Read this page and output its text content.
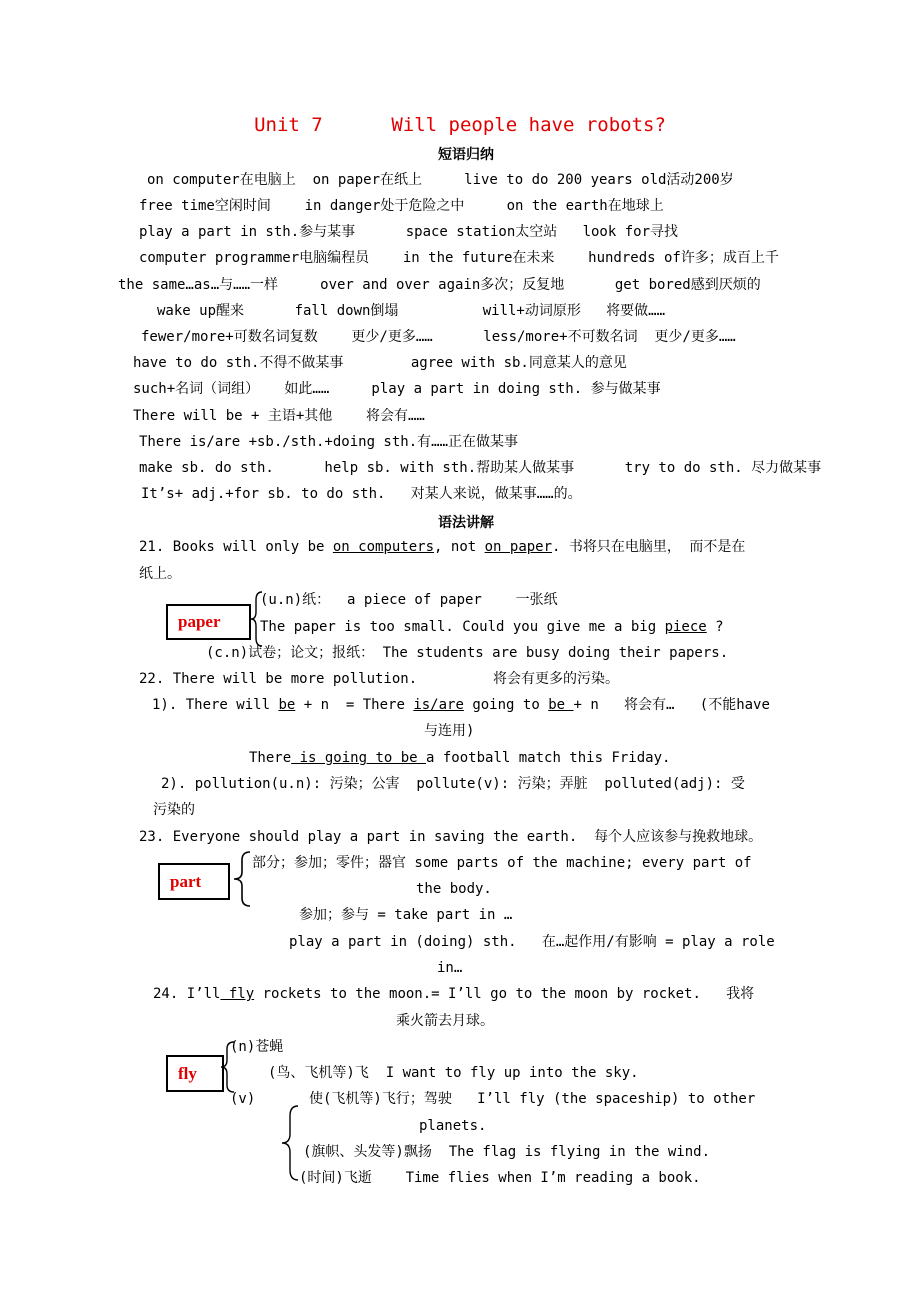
Unit 7      Will people have robots?
短语归纳
on computer在电脑上  on paper在纸上     live to do 200 years old活动200岁
free time空闲时间    in danger处于危险之中     on the earth在地球上
play a part in sth.参与某事      space station太空站   look for寻找
computer programmer电脑编程员    in the future在未来    hundreds of许多；成百上千
the same…as…与……一样     over and over again多次；反复地      get bored感到厌烦的
wake up醒来      fall down倒塌          will+动词原形   将要做……
fewer/more+可数名词复数    更少/更多……      less/more+不可数名词  更少/更多……
have to do sth.不得不做某事        agree with sb.同意某人的意见
such+名词（词组）   如此……     play a part in doing sth. 参与做某事
There will be + 主语+其他    将会有……
There is/are +sb./sth.+doing sth.有……正在做某事
make sb. do sth.      help sb. with sth.帮助某人做某事      try to do sth. 尽力做某事
It’s+ adj.+for sb. to do sth.   对某人来说，做某事……的。
语法讲解
21. Books will only be on computers, not on paper. 书将只在电脑里， 而不是在
纸上。
paper
(u.n)纸：  a piece of paper    一张纸
The paper is too small. Could you give me a big piece ?
(c.n)试卷；论文；报纸： The students are busy doing their papers.
22. There will be more pollution.         将会有更多的污染。
1). There will be + n  = There is/are going to be + n   将会有…   (不能have
与连用)
There is going to be a football match this Friday.
2). pollution(u.n): 污染；公害  pollute(v): 污染；弄脏  polluted(adj): 受
污染的
23. Everyone should play a part in saving the earth.  每个人应该参与挽救地球。
part
部分；参加；零件；器官 some parts of the machine; every part of
the body.
参加；参与 = take part in …
play a part in (doing) sth.   在…起作用/有影响 = play a role
in…
24. I’ll fly rockets to the moon.= I’ll go to the moon by rocket.   我将
乘火箭去月球。
fly
(n)苍蝇
(鸟、飞机等)飞  I want to fly up into the sky.
(v)	使(飞机等)飞行；驾驶   I’ll fly (the spaceship) to other
planets.
(旗帜、头发等)飘扬  The flag is flying in the wind.
(时间)飞逝    Time flies when I’m reading a book.
